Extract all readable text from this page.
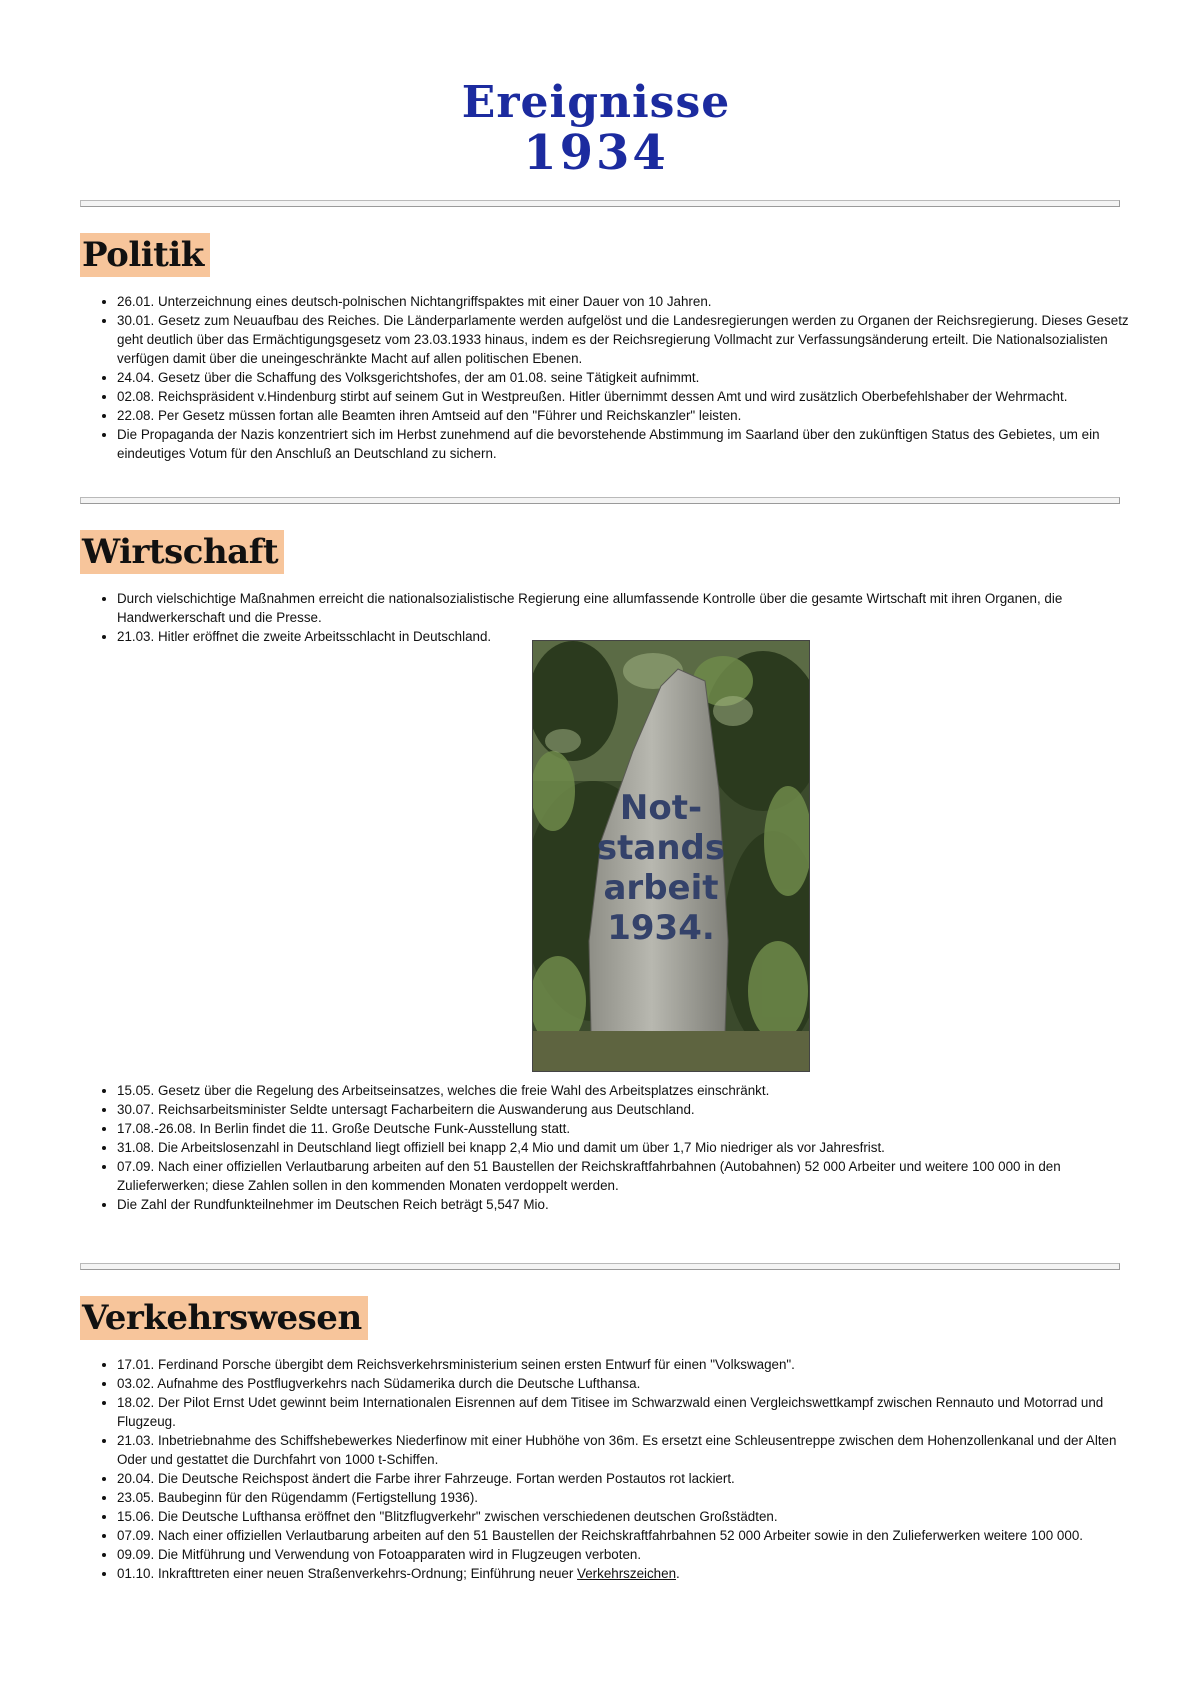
Ereignisse
1934
Politik
• 26.01. Unterzeichnung eines deutsch-polnischen Nichtangriffspaktes mit einer Dauer von 10 Jahren.
• 30.01. Gesetz zum Neuaufbau des Reiches. Die Länderparlamente werden aufgelöst und die Landesregierungen werden zu Organen der Reichsregierung. Dieses Gesetz geht deutlich über das Ermächtigungsgesetz vom 23.03.1933 hinaus, indem es der Reichsregierung Vollmacht zur Verfassungsänderung erteilt. Die Nationalsozialisten verfügen damit über die uneingeschränkte Macht auf allen politischen Ebenen.
• 24.04. Gesetz über die Schaffung des Volksgerichtshofes, der am 01.08. seine Tätigkeit aufnimmt.
• 02.08. Reichspräsident v.Hindenburg stirbt auf seinem Gut in Westpreußen. Hitler übernimmt dessen Amt und wird zusätzlich Oberbefehlshaber der Wehrmacht.
• 22.08. Per Gesetz müssen fortan alle Beamten ihren Amtseid auf den "Führer und Reichskanzler" leisten.
• Die Propaganda der Nazis konzentriert sich im Herbst zunehmend auf die bevorstehende Abstimmung im Saarland über den zukünftigen Status des Gebietes, um ein eindeutiges Votum für den Anschluß an Deutschland zu sichern.
Wirtschaft
• Durch vielschichtige Maßnahmen erreicht die nationalsozialistische Regierung eine allumfassende Kontrolle über die gesamte Wirtschaft mit ihren Organen, die Handwerkerschaft und die Presse.
• 21.03. Hitler eröffnet die zweite Arbeitsschlacht in Deutschland.
Not-
stands
arbeit
1934.
• 15.05. Gesetz über die Regelung des Arbeitseinsatzes, welches die freie Wahl des Arbeitsplatzes einschränkt.
• 30.07. Reichsarbeitsminister Seldte untersagt Facharbeitern die Auswanderung aus Deutschland.
• 17.08.-26.08. In Berlin findet die 11. Große Deutsche Funk-Ausstellung statt.
• 31.08. Die Arbeitslosenzahl in Deutschland liegt offiziell bei knapp 2,4 Mio und damit um über 1,7 Mio niedriger als vor Jahresfrist.
• 07.09. Nach einer offiziellen Verlautbarung arbeiten auf den 51 Baustellen der Reichskraftfahrbahnen (Autobahnen) 52 000 Arbeiter und weitere 100 000 in den Zulieferwerken; diese Zahlen sollen in den kommenden Monaten verdoppelt werden.
• Die Zahl der Rundfunkteilnehmer im Deutschen Reich beträgt 5,547 Mio.
Verkehrswesen
• 17.01. Ferdinand Porsche übergibt dem Reichsverkehrsministerium seinen ersten Entwurf für einen "Volkswagen".
• 03.02. Aufnahme des Postflugverkehrs nach Südamerika durch die Deutsche Lufthansa.
• 18.02. Der Pilot Ernst Udet gewinnt beim Internationalen Eisrennen auf dem Titisee im Schwarzwald einen Vergleichswettkampf zwischen Rennauto und Motorrad und Flugzeug.
• 21.03. Inbetriebnahme des Schiffshebewerkes Niederfinow mit einer Hubhöhe von 36m. Es ersetzt eine Schleusentreppe zwischen dem Hohenzollenkanal und der Alten Oder und gestattet die Durchfahrt von 1000 t-Schiffen.
• 20.04. Die Deutsche Reichspost ändert die Farbe ihrer Fahrzeuge. Fortan werden Postautos rot lackiert.
• 23.05. Baubeginn für den Rügendamm (Fertigstellung 1936).
• 15.06. Die Deutsche Lufthansa eröffnet den "Blitzflugverkehr" zwischen verschiedenen deutschen Großstädten.
• 07.09. Nach einer offiziellen Verlautbarung arbeiten auf den 51 Baustellen der Reichskraftfahrbahnen 52 000 Arbeiter sowie in den Zulieferwerken weitere 100 000.
• 09.09. Die Mitführung und Verwendung von Fotoapparaten wird in Flugzeugen verboten.
• 01.10. Inkrafttreten einer neuen Straßenverkehrs-Ordnung; Einführung neuer Verkehrszeichen.
